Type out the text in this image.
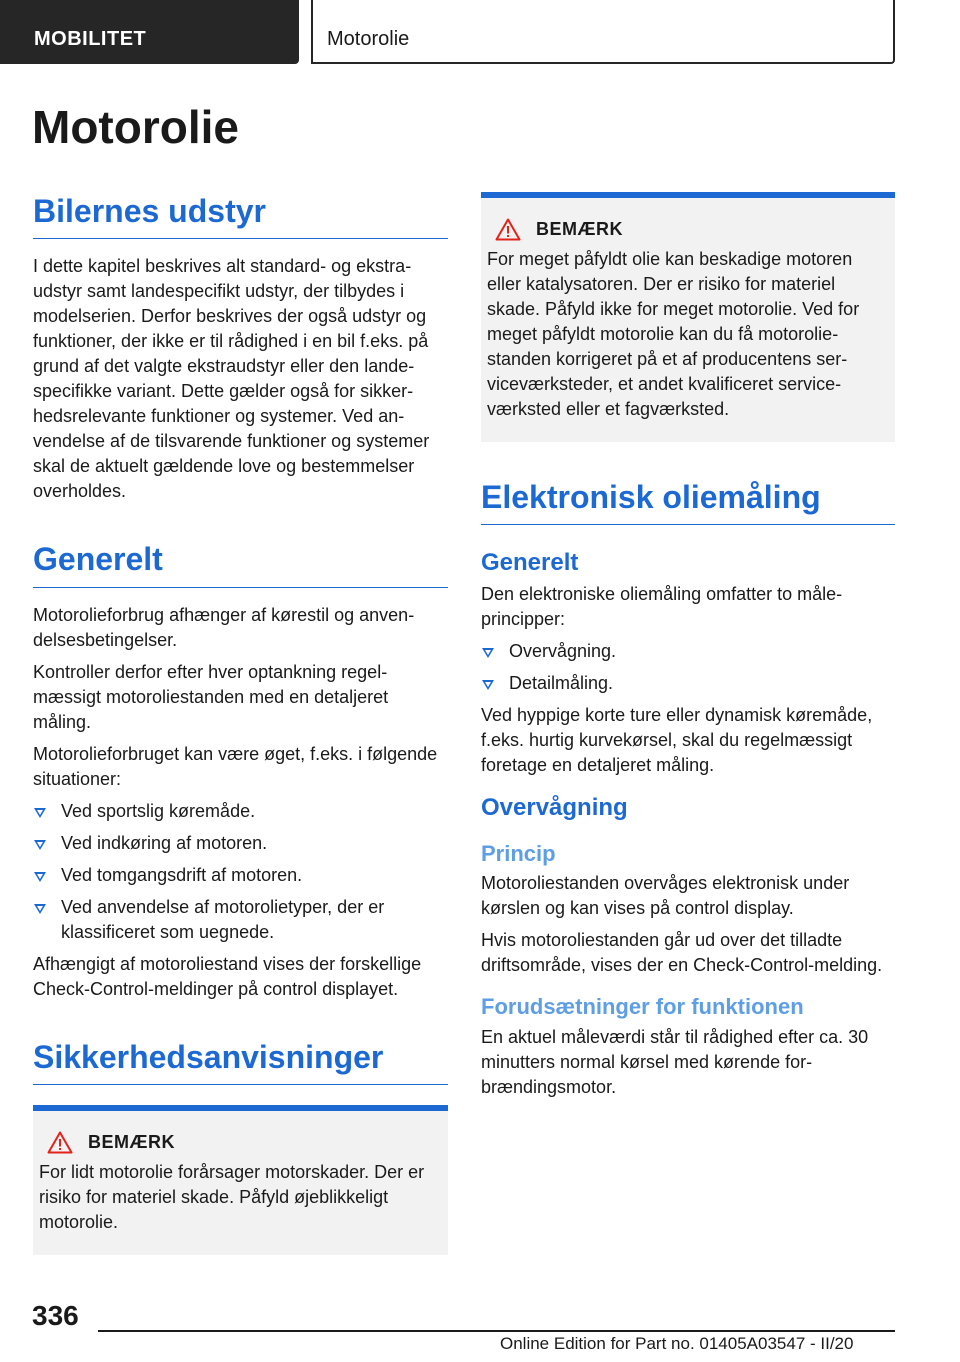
MOBILITET	Motorolie
Motorolie
Bilernes udstyr

I dette kapitel beskrives alt standard- og ekstraudstyr samt landespecifikt udstyr, der tilbydes i modelserien. Derfor beskrives der også udstyr og funktioner, der ikke er til rådighed i en bil f.eks. på grund af det valgte ekstraudstyr eller den landespecifikke variant. Dette gælder også for sikkerhedsrelevante funktioner og systemer. Ved anvendelse af de tilsvarende funktioner og systemer skal de aktuelt gældende love og bestemmelser overholdes.

Generelt

Motorolieforbrug afhænger af kørestil og anvendelsesbetingelser.

Kontroller derfor efter hver optankning regelmæssigt motoroliestanden med en detaljeret måling.

Motorolieforbruget kan være øget, f.eks. i følgende situationer:

Ved sportslig køremåde.
Ved indkøring af motoren.
Ved tomgangsdrift af motoren.
Ved anvendelse af motorolietyper, der er klassificeret som uegnede.

Afhængigt af motoroliestand vises der forskellige Check-Control-meldinger på control displayet.

Sikkerhedsanvisninger
BEMÆRK

For lidt motorolie forårsager motorskader. Der er risiko for materiel skade. Påfyld øjeblikkeligt motorolie.

BEMÆRK

For meget påfyldt olie kan beskadige motoren eller katalysatoren. Der er risiko for materiel skade. Påfyld ikke for meget motorolie. Ved for meget påfyldt motorolie kan du få motoroliestanden korrigeret på et af producentens serviceværksteder, et andet kvalificeret serviceværksted eller et fagværksted.

Elektronisk oliemåling
Generelt

Den elektroniske oliemåling omfatter to måleprincipper:

Overvågning.
Detailmåling.

Ved hyppige korte ture eller dynamisk køremåde, f.eks. hurtig kurvekørsel, skal du regelmæssigt foretage en detaljeret måling.

Overvågning
Princip

Motoroliestanden overvåges elektronisk under kørslen og kan vises på control display.

Hvis motoroliestanden går ud over det tilladte driftsområde, vises der en Check-Control-melding.

Forudsætninger for funktionen

En aktuel måleværdi står til rådighed efter ca. 30 minutters normal kørsel med kørende forbrændingsmotor.

336
Online Edition for Part no. 01405A03547 - II/20
